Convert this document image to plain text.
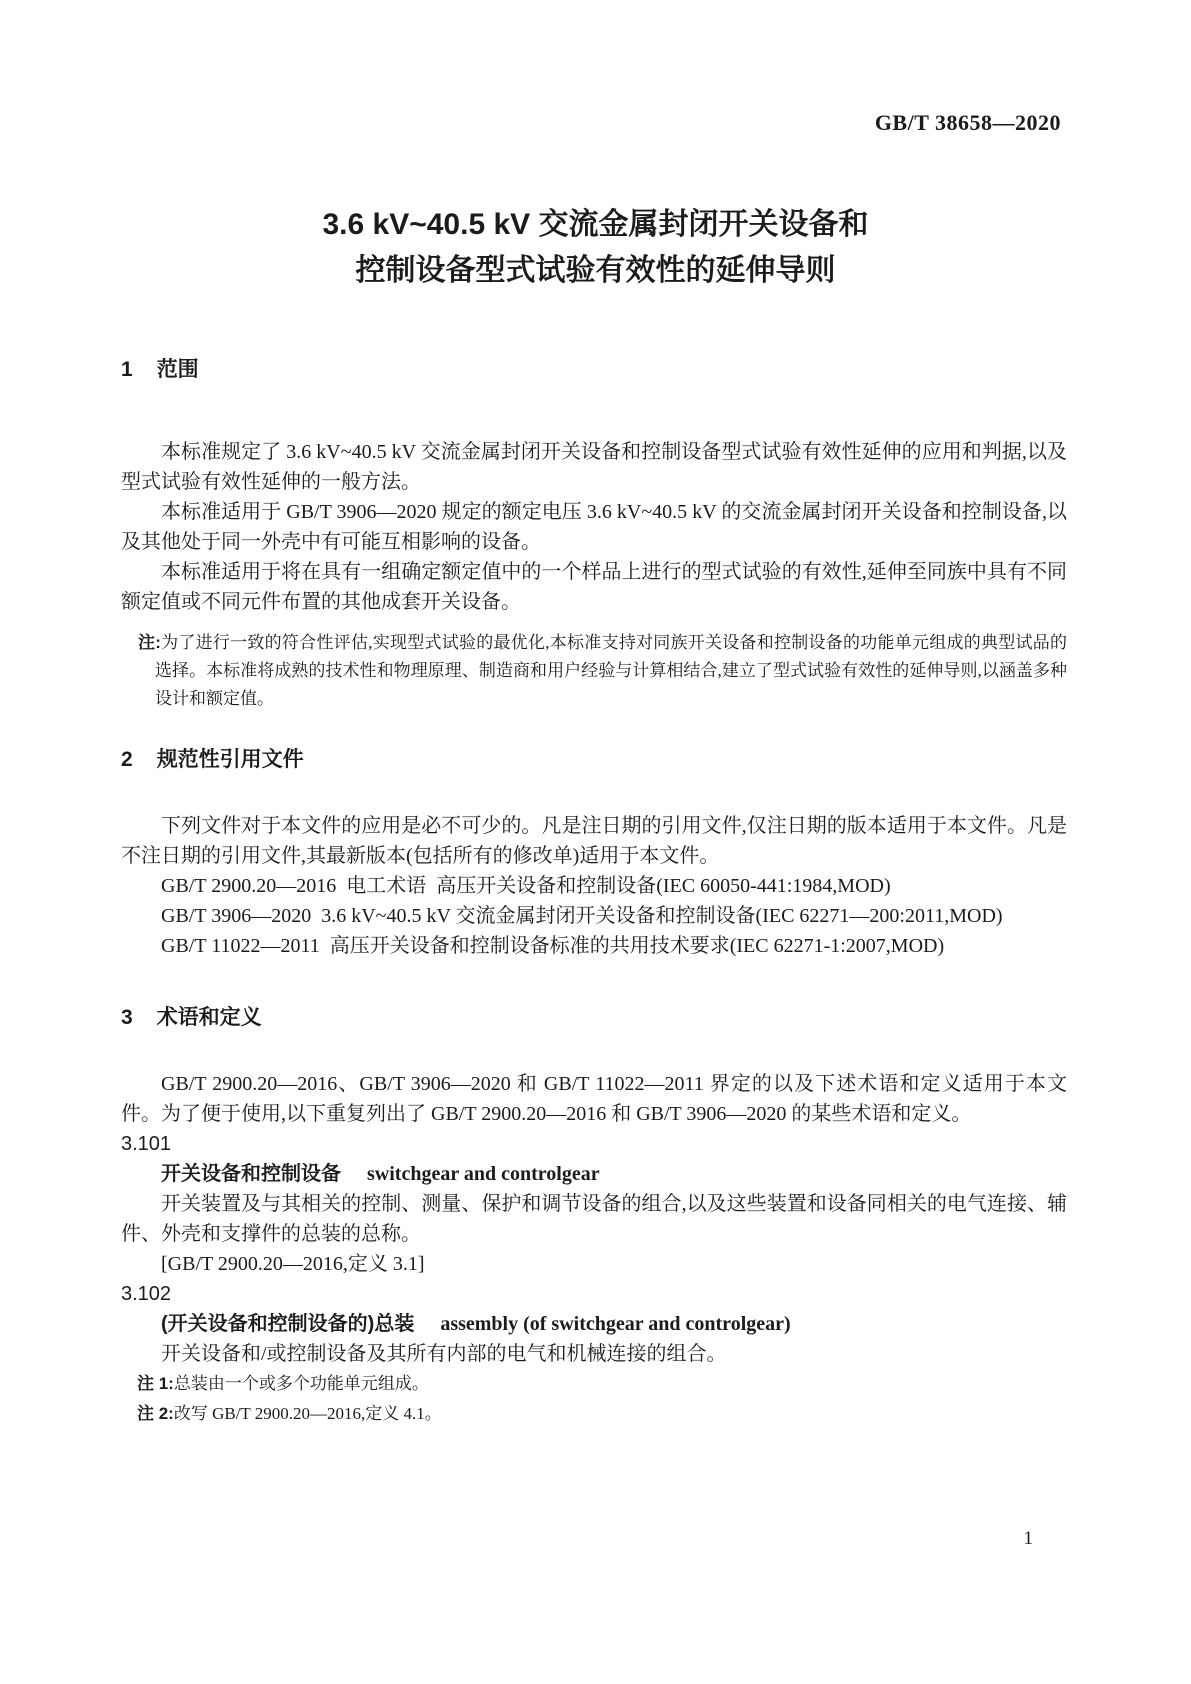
GB/T 38658—2020
3.6 kV~40.5 kV 交流金属封闭开关设备和
控制设备型式试验有效性的延伸导则
1 范围

本标准规定了 3.6 kV~40.5 kV 交流金属封闭开关设备和控制设备型式试验有效性延伸的应用和判据,以及型式试验有效性延伸的一般方法。

本标准适用于 GB/T 3906—2020 规定的额定电压 3.6 kV~40.5 kV 的交流金属封闭开关设备和控制设备,以及其他处于同一外壳中有可能互相影响的设备。

本标准适用于将在具有一组确定额定值中的一个样品上进行的型式试验的有效性,延伸至同族中具有不同额定值或不同元件布置的其他成套开关设备。

注:为了进行一致的符合性评估,实现型式试验的最优化,本标准支持对同族开关设备和控制设备的功能单元组成的典型试品的选择。本标准将成熟的技术性和物理原理、制造商和用户经验与计算相结合,建立了型式试验有效性的延伸导则,以涵盖多种设计和额定值。
2 规范性引用文件

下列文件对于本文件的应用是必不可少的。凡是注日期的引用文件,仅注日期的版本适用于本文件。凡是不注日期的引用文件,其最新版本(包括所有的修改单)适用于本文件。

GB/T 2900.20—2016  电工术语  高压开关设备和控制设备(IEC 60050-441:1984,MOD)

GB/T 3906—2020  3.6 kV~40.5 kV 交流金属封闭开关设备和控制设备(IEC 62271—200:2011,MOD)

GB/T 11022—2011  高压开关设备和控制设备标准的共用技术要求(IEC 62271-1:2007,MOD)

3 术语和定义

GB/T 2900.20—2016、GB/T 3906—2020 和 GB/T 11022—2011 界定的以及下述术语和定义适用于本文件。为了便于使用,以下重复列出了 GB/T 2900.20—2016 和 GB/T 3906—2020 的某些术语和定义。

3.101

开关设备和控制设备 switchgear and controlgear

开关装置及与其相关的控制、测量、保护和调节设备的组合,以及这些装置和设备同相关的电气连接、辅件、外壳和支撑件的总装的总称。

[GB/T 2900.20—2016,定义 3.1]

3.102

(开关设备和控制设备的)总装 assembly (of switchgear and controlgear)

开关设备和/或控制设备及其所有内部的电气和机械连接的组合。

注 1:总装由一个或多个功能单元组成。

注 2:改写 GB/T 2900.20—2016,定义 4.1。

1
